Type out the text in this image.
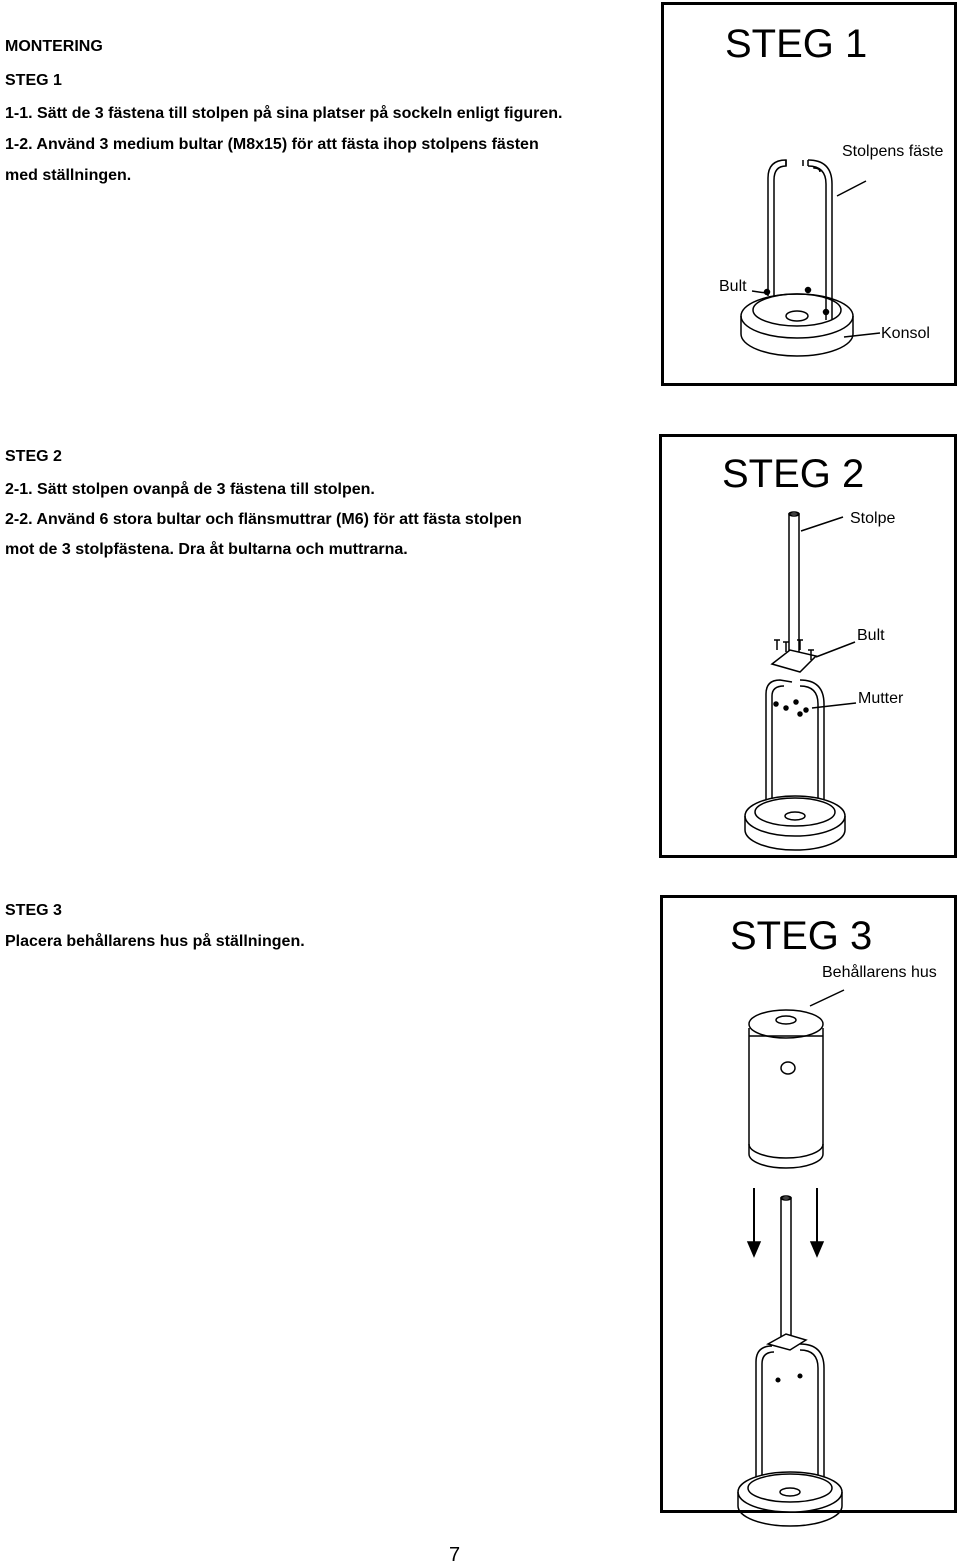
MONTERING
STEG 1
1-1. Sätt de 3 fästena till stolpen på sina platser på sockeln enligt figuren.
1-2. Använd 3 medium bultar (M8x15) för att fästa ihop stolpens fästen
med ställningen.
STEG 2
2-1. Sätt stolpen ovanpå de 3 fästena till stolpen.
2-2. Använd 6 stora bultar och flänsmuttrar (M6) för att fästa stolpen
mot de 3 stolpfästena. Dra åt bultarna och muttrarna.
STEG 3
Placera behållarens hus på ställningen.
STEG 1
Stolpens fäste
Bult
Konsol
STEG 2
Stolpe
Bult
Mutter
STEG 3
Behållarens hus
7
